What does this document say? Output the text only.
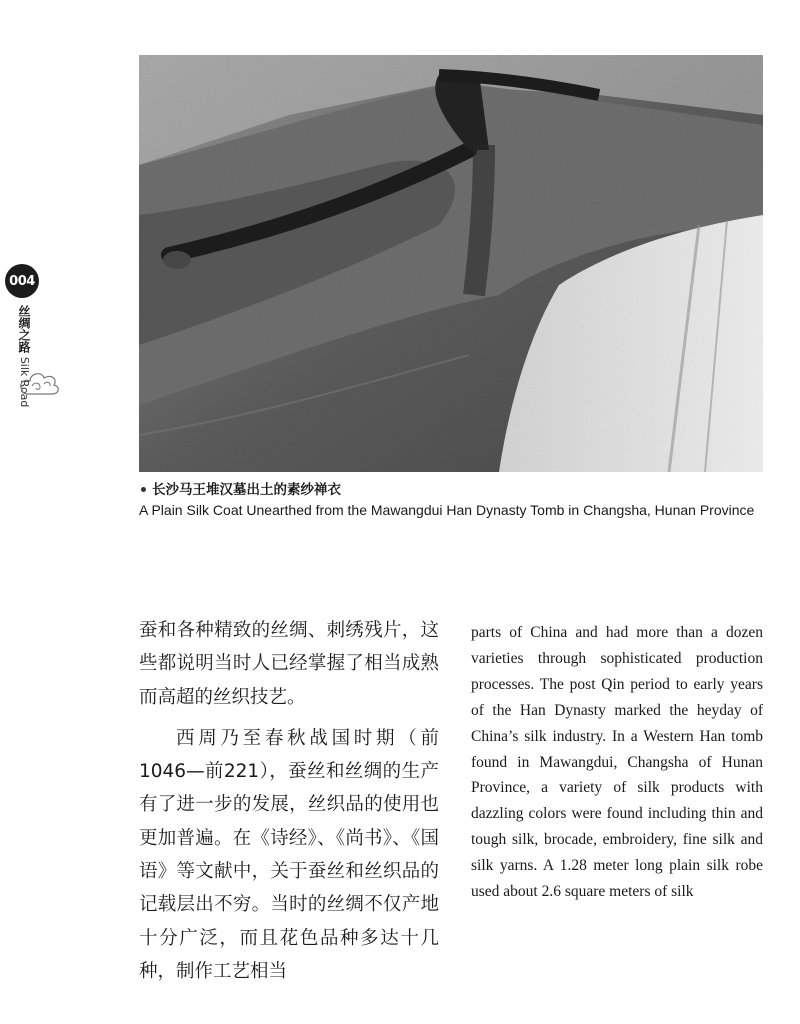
004
丝绸之路 Silk Road
长沙马王堆汉墓出土的素纱禅衣
A Plain Silk Coat Unearthed from the Mawangdui Han Dynasty Tomb in Changsha, Hunan Province

蚕和各种精致的丝绸、刺绣残片，这些都说明当时人已经掌握了相当成熟而高超的丝织技艺。

西周乃至春秋战国时期（前1046—前221），蚕丝和丝绸的生产有了进一步的发展，丝织品的使用也更加普遍。在《诗经》、《尚书》、《国语》等文献中，关于蚕丝和丝织品的记载层出不穷。当时的丝绸不仅产地十分广泛，而且花色品种多达十几种，制作工艺相当

parts of China and had more than a dozen varieties through sophisticated production processes. The post Qin period to early years of the Han Dynasty marked the heyday of China’s silk industry. In a Western Han tomb found in Mawangdui, Changsha of Hunan Province, a variety of silk products with dazzling colors were found including thin and tough silk, brocade, embroidery, fine silk and silk yarns. A 1.28 meter long plain silk robe used about 2.6 square meters of silk
